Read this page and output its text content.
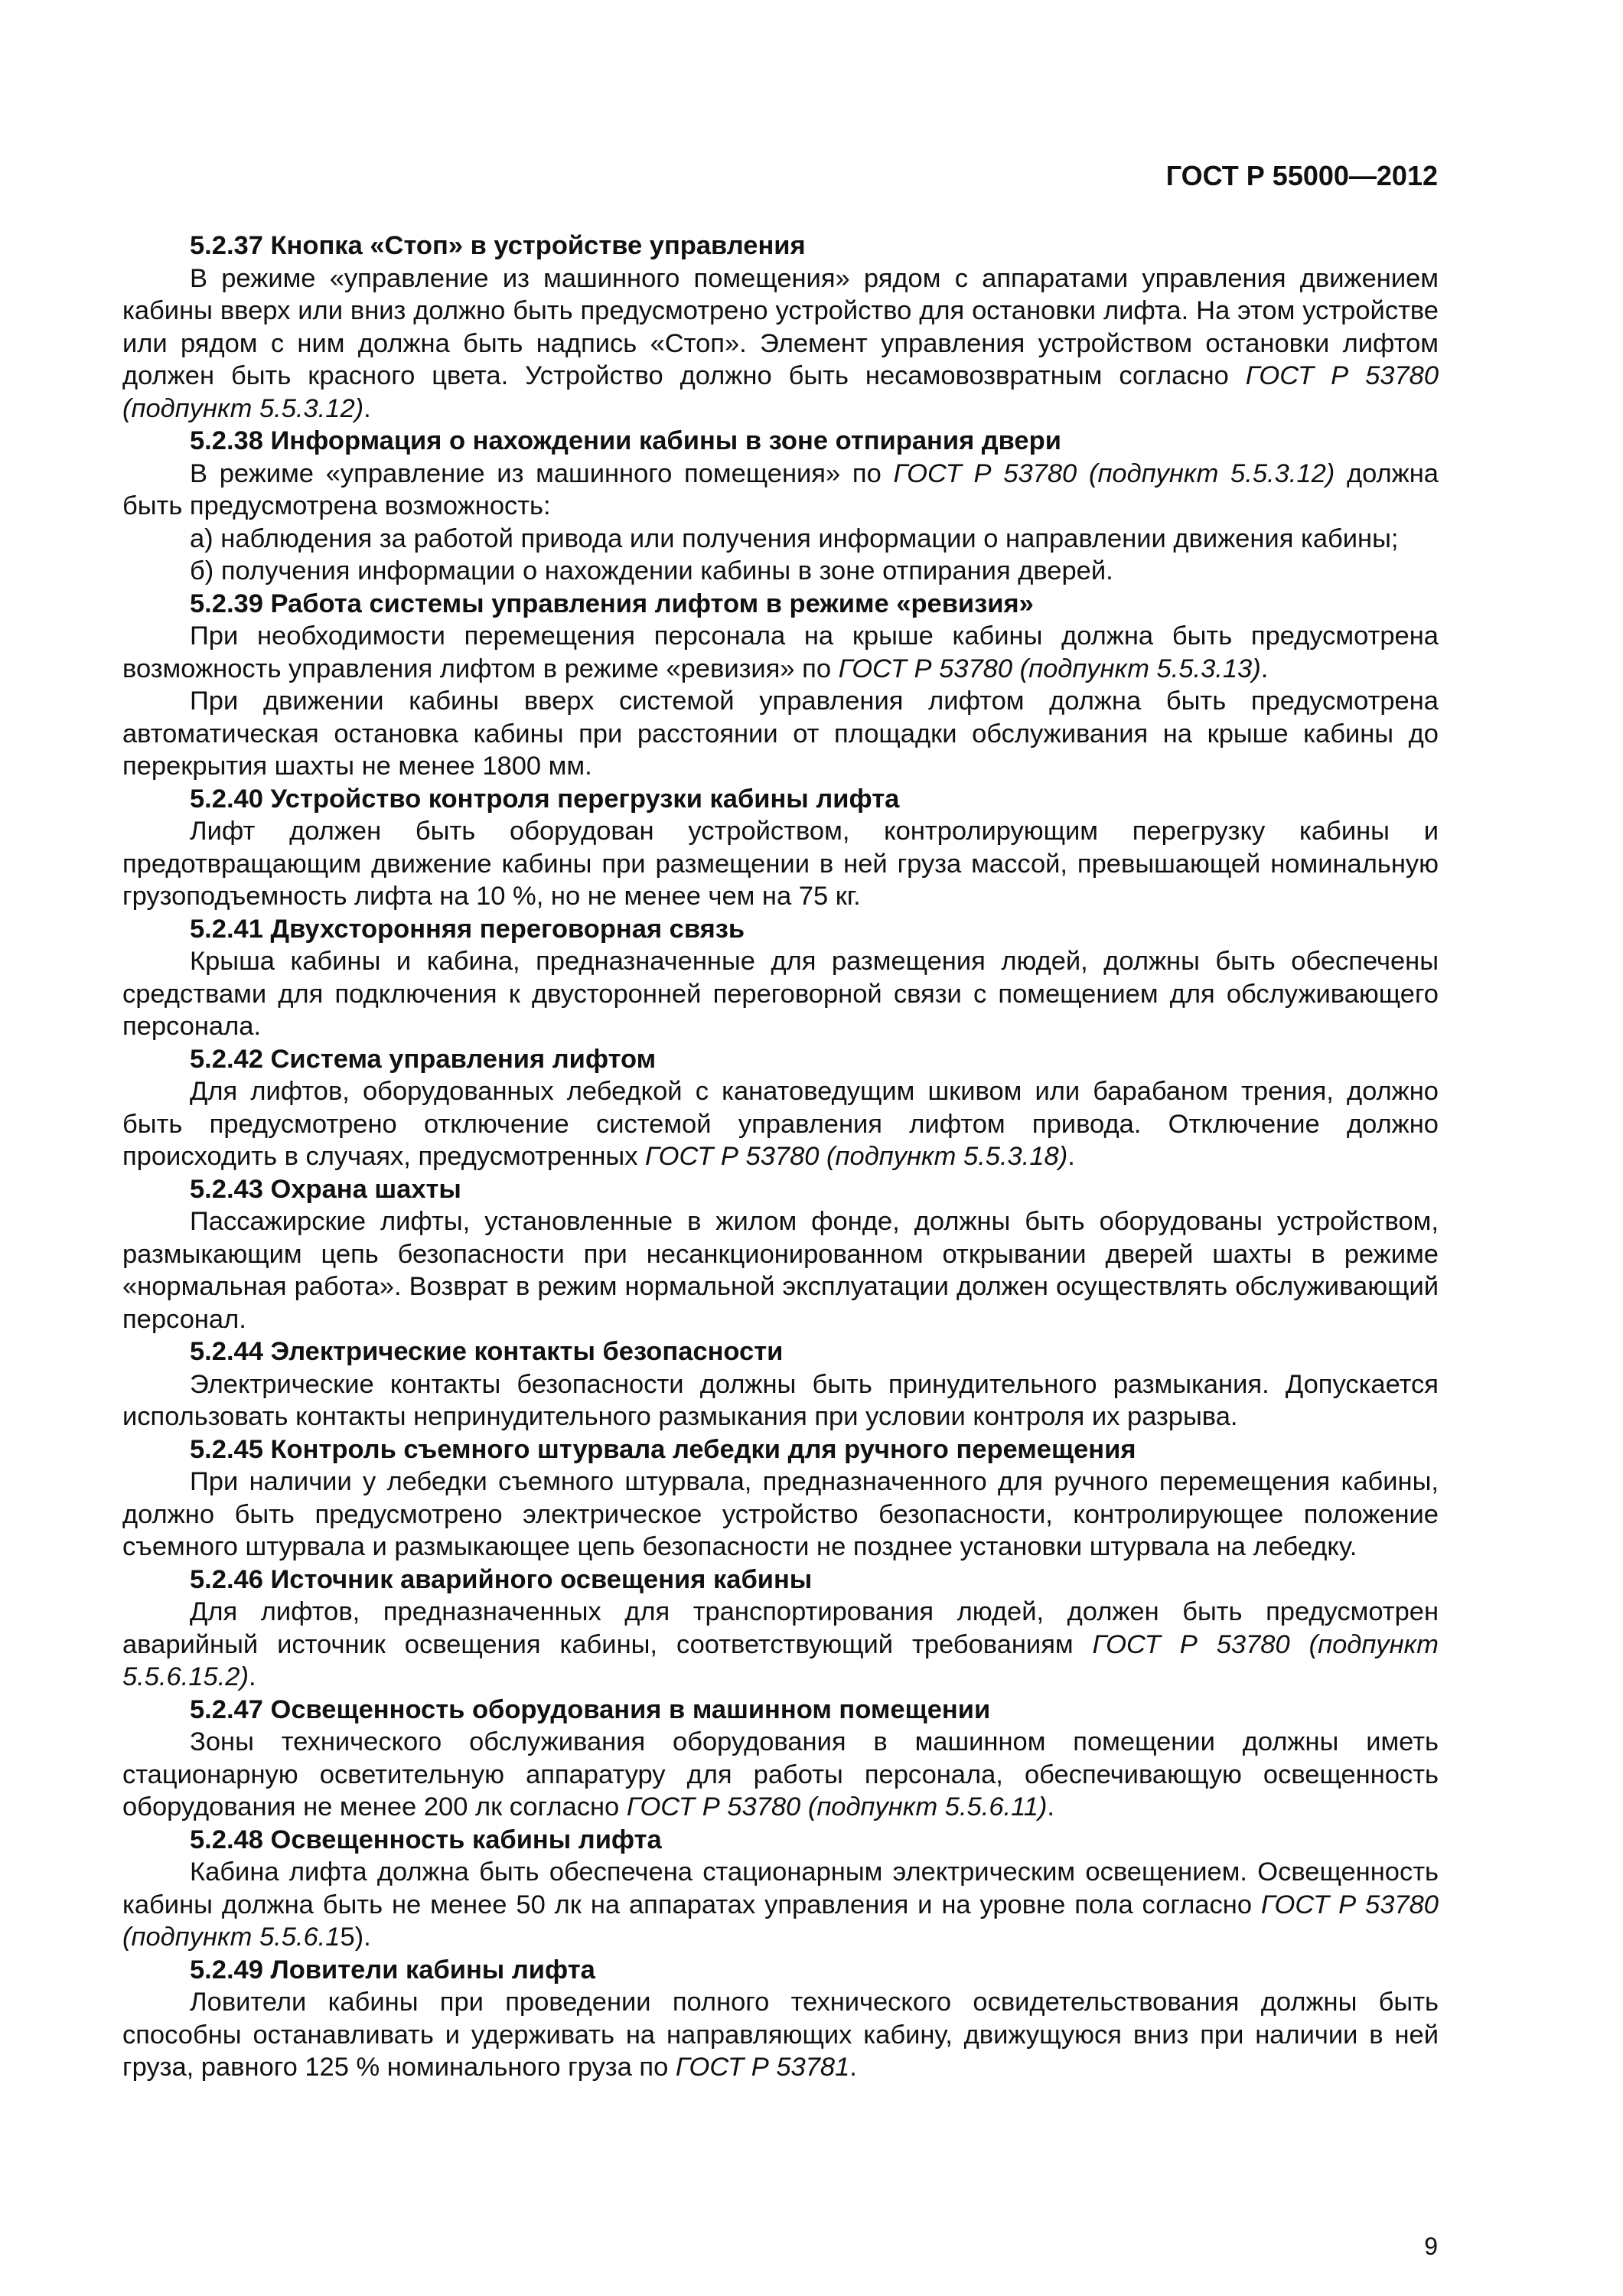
ГОСТ Р 55000—2012
5.2.37 Кнопка «Стоп» в устройстве управления

В режиме «управление из машинного помещения» рядом с аппаратами управления движением кабины вверх или вниз должно быть предусмотрено устройство для остановки лифта. На этом устройстве или рядом с ним должна быть надпись «Стоп». Элемент управления устройством остановки лифтом должен быть красного цвета. Устройство должно быть несамовозвратным согласно ГОСТ Р 53780 (подпункт 5.5.3.12).

5.2.38 Информация о нахождении кабины в зоне отпирания двери

В режиме «управление из машинного помещения» по ГОСТ Р 53780 (подпункт 5.5.3.12) должна быть предусмотрена возможность:

а) наблюдения за работой привода или получения информации о направлении движения кабины;

б) получения информации о нахождении кабины в зоне отпирания дверей.

5.2.39 Работа системы управления лифтом в режиме «ревизия»

При необходимости перемещения персонала на крыше кабины должна быть предусмотрена возможность управления лифтом в режиме «ревизия» по ГОСТ Р 53780 (подпункт 5.5.3.13).

При движении кабины вверх системой управления лифтом должна быть предусмотрена автоматическая остановка кабины при расстоянии от площадки обслуживания на крыше кабины до перекрытия шахты не менее 1800 мм.

5.2.40 Устройство контроля перегрузки кабины лифта

Лифт должен быть оборудован устройством, контролирующим перегрузку кабины и предотвращающим движение кабины при размещении в ней груза массой, превышающей номинальную грузоподъемность лифта на 10 %, но не менее чем на 75 кг.

5.2.41 Двухсторонняя переговорная связь

Крыша кабины и кабина, предназначенные для размещения людей, должны быть обеспечены средствами для подключения к двусторонней переговорной связи с помещением для обслуживающего персонала.

5.2.42 Система управления лифтом

Для лифтов, оборудованных лебедкой с канатоведущим шкивом или барабаном трения, должно быть предусмотрено отключение системой управления лифтом привода. Отключение должно происходить в случаях, предусмотренных ГОСТ Р 53780 (подпункт 5.5.3.18).

5.2.43 Охрана шахты

Пассажирские лифты, установленные в жилом фонде, должны быть оборудованы устройством, размыкающим цепь безопасности при несанкционированном открывании дверей шахты в режиме «нормальная работа». Возврат в режим нормальной эксплуатации должен осуществлять обслуживающий персонал.

5.2.44 Электрические контакты безопасности

Электрические контакты безопасности должны быть принудительного размыкания. Допускается использовать контакты непринудительного размыкания при условии контроля их разрыва.

5.2.45 Контроль съемного штурвала лебедки для ручного перемещения

При наличии у лебедки съемного штурвала, предназначенного для ручного перемещения кабины, должно быть предусмотрено электрическое устройство безопасности, контролирующее положение съемного штурвала и размыкающее цепь безопасности не позднее установки штурвала на лебедку.

5.2.46 Источник аварийного освещения кабины

Для лифтов, предназначенных для транспортирования людей, должен быть предусмотрен аварийный источник освещения кабины, соответствующий требованиям ГОСТ Р 53780 (подпункт 5.5.6.15.2).

5.2.47 Освещенность оборудования в машинном помещении

Зоны технического обслуживания оборудования в машинном помещении должны иметь стационарную осветительную аппаратуру для работы персонала, обеспечивающую освещенность оборудования не менее 200 лк согласно ГОСТ Р 53780 (подпункт 5.5.6.11).

5.2.48 Освещенность кабины лифта

Кабина лифта должна быть обеспечена стационарным электрическим освещением. Освещенность кабины должна быть не менее 50 лк на аппаратах управления и на уровне пола согласно ГОСТ Р 53780 (подпункт 5.5.6.15).

5.2.49 Ловители кабины лифта

Ловители кабины при проведении полного технического освидетельствования должны быть способны останавливать и удерживать на направляющих кабину, движущуюся вниз при наличии в ней груза, равного 125 % номинального груза по ГОСТ Р 53781.

9
